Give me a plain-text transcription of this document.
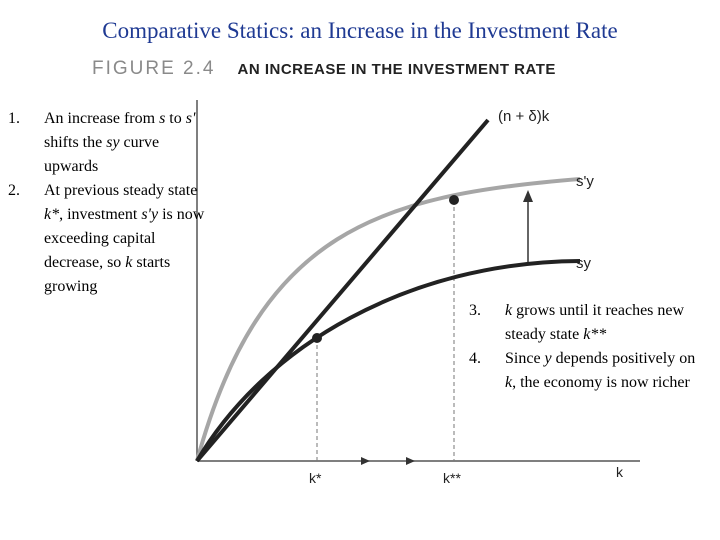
Comparative Statics: an Increase in the Investment Rate
FIGURE 2.4 AN INCREASE IN THE INVESTMENT RATE
(n + δ)k
s'y
sy
k*	k**	k
1. An increase from s to s' shifts the sy curve upwards
2. At previous steady state k*, investment s'y is now exceeding capital decrease, so k starts growing
3. k grows until it reaches new steady state k**
4. Since y depends positively on k, the economy is now richer
